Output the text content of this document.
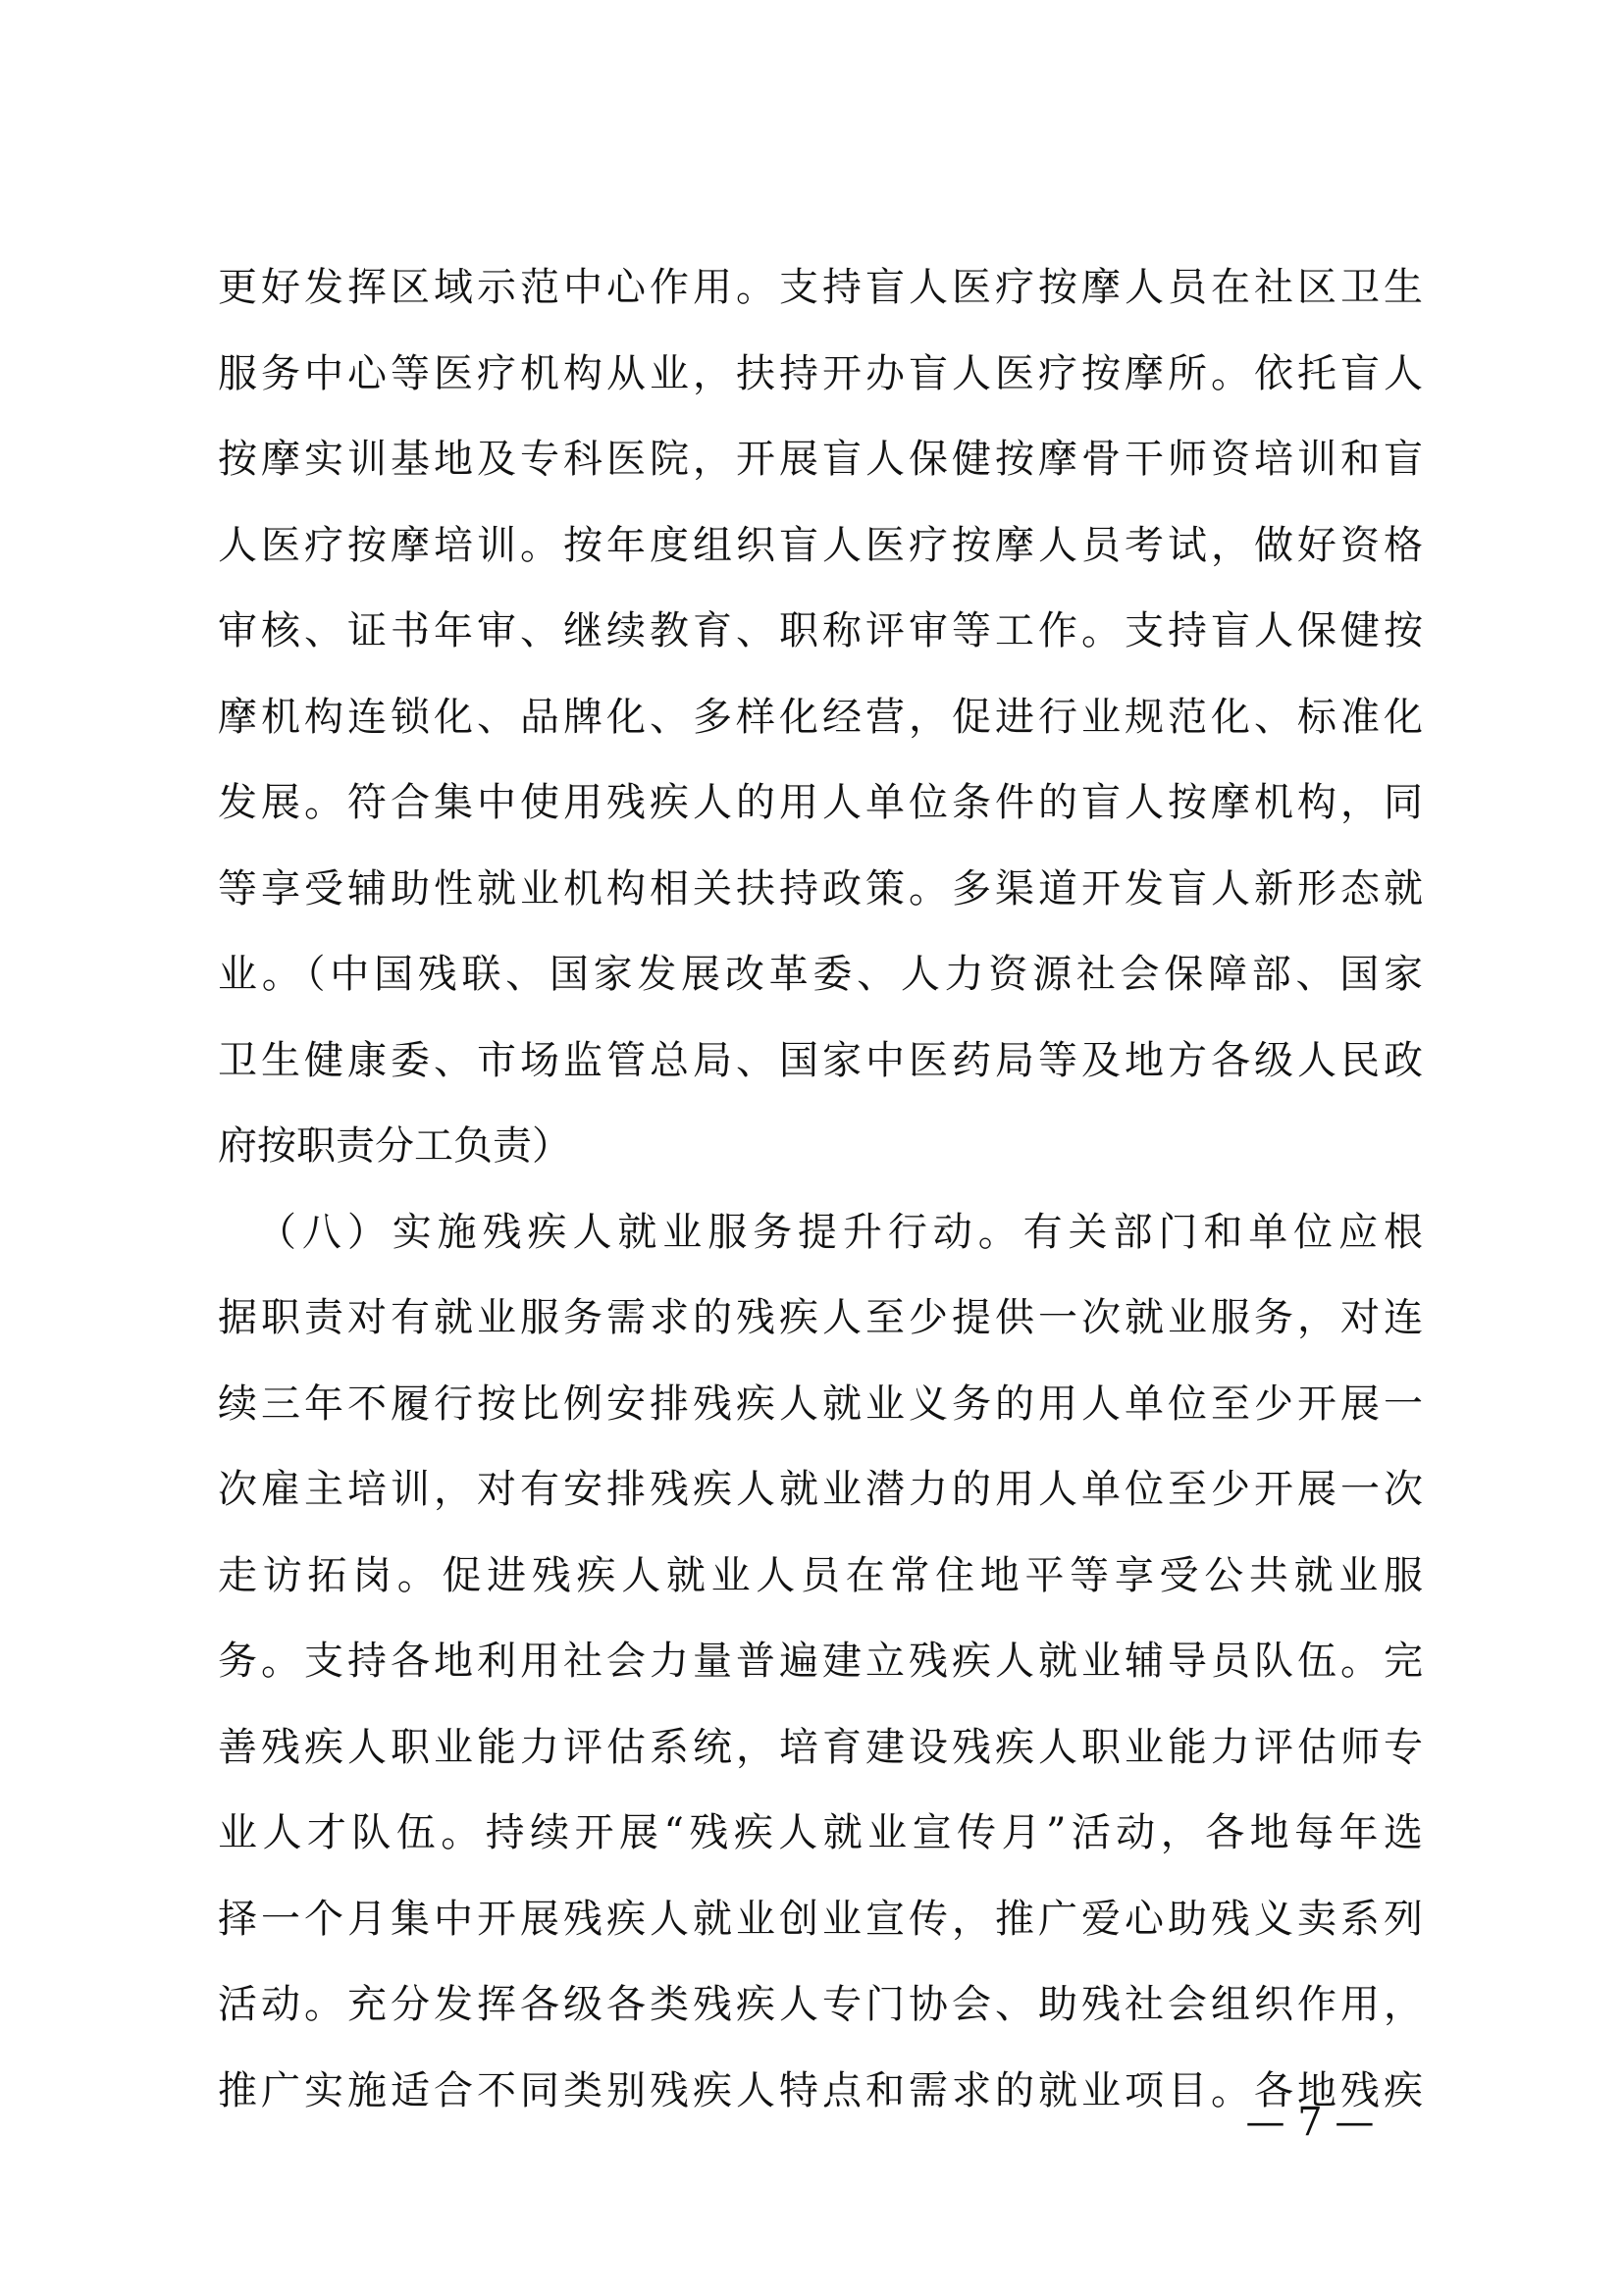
更好发挥区域示范中心作用。支持盲人医疗按摩人员在社区卫生
服务中心等医疗机构从业，扶持开办盲人医疗按摩所。依托盲人
按摩实训基地及专科医院，开展盲人保健按摩骨干师资培训和盲
人医疗按摩培训。按年度组织盲人医疗按摩人员考试，做好资格
审核、证书年审、继续教育、职称评审等工作。支持盲人保健按
摩机构连锁化、品牌化、多样化经营，促进行业规范化、标准化
发展。符合集中使用残疾人的用人单位条件的盲人按摩机构，同
等享受辅助性就业机构相关扶持政策。多渠道开发盲人新形态就
业。（中国残联、国家发展改革委、人力资源社会保障部、国家
卫生健康委、市场监管总局、国家中医药局等及地方各级人民政
府按职责分工负责）
（八）实施残疾人就业服务提升行动。有关部门和单位应根
据职责对有就业服务需求的残疾人至少提供一次就业服务，对连
续三年不履行按比例安排残疾人就业义务的用人单位至少开展一
次雇主培训，对有安排残疾人就业潜力的用人单位至少开展一次
走访拓岗。促进残疾人就业人员在常住地平等享受公共就业服
务。支持各地利用社会力量普遍建立残疾人就业辅导员队伍。完
善残疾人职业能力评估系统，培育建设残疾人职业能力评估师专
业人才队伍。持续开展“残疾人就业宣传月”活动，各地每年选
择一个月集中开展残疾人就业创业宣传，推广爱心助残义卖系列
活动。充分发挥各级各类残疾人专门协会、助残社会组织作用，
推广实施适合不同类别残疾人特点和需求的就业项目。各地残疾
— 7 —
